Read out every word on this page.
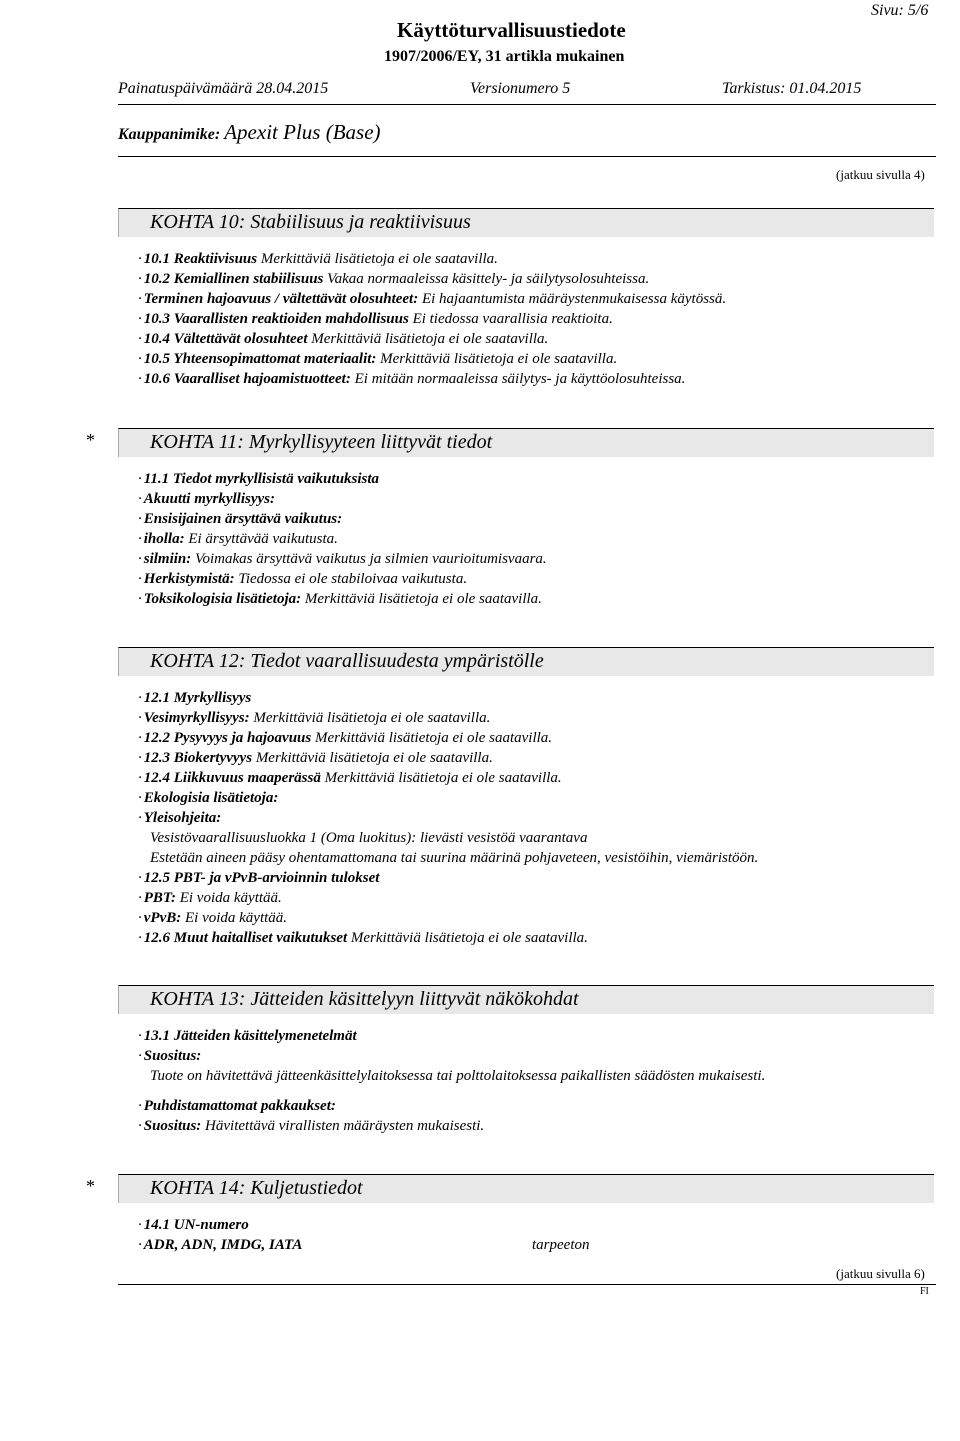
Sivu: 5/6
Käyttöturvallisuustiedote
1907/2006/EY, 31 artikla mukainen
Painatuspäivämäärä 28.04.2015	Versionumero 5	Tarkistus: 01.04.2015
Kauppanimike: Apexit Plus (Base)
(jatkuu sivulla 4)
KOHTA 10: Stabiilisuus ja reaktiivisuus
· 10.1 Reaktiivisuus Merkittäviä lisätietoja ei ole saatavilla.
· 10.2 Kemiallinen stabiilisuus Vakaa normaaleissa käsittely- ja säilytysolosuhteissa.
· Terminen hajoavuus / vältettävät olosuhteet: Ei hajaantumista määräystenmukaisessa käytössä.
· 10.3 Vaarallisten reaktioiden mahdollisuus Ei tiedossa vaarallisia reaktioita.
· 10.4 Vältettävät olosuhteet Merkittäviä lisätietoja ei ole saatavilla.
· 10.5 Yhteensopimattomat materiaalit: Merkittäviä lisätietoja ei ole saatavilla.
· 10.6 Vaaralliset hajoamistuotteet: Ei mitään normaaleissa säilytys- ja käyttöolosuhteissa.
*	KOHTA 11: Myrkyllisyyteen liittyvät tiedot
· 11.1 Tiedot myrkyllisistä vaikutuksista
· Akuutti myrkyllisyys:
· Ensisijainen ärsyttävä vaikutus:
· iholla: Ei ärsyttävää vaikutusta.
· silmiin: Voimakas ärsyttävä vaikutus ja silmien vaurioitumisvaara.
· Herkistymistä: Tiedossa ei ole stabiloivaa vaikutusta.
· Toksikologisia lisätietoja: Merkittäviä lisätietoja ei ole saatavilla.
KOHTA 12: Tiedot vaarallisuudesta ympäristölle
· 12.1 Myrkyllisyys
· Vesimyrkyllisyys: Merkittäviä lisätietoja ei ole saatavilla.
· 12.2 Pysyvyys ja hajoavuus Merkittäviä lisätietoja ei ole saatavilla.
· 12.3 Biokertyvyys Merkittäviä lisätietoja ei ole saatavilla.
· 12.4 Liikkuvuus maaperässä Merkittäviä lisätietoja ei ole saatavilla.
· Ekologisia lisätietoja:
· Yleisohjeita:
Vesistövaarallisuusluokka 1 (Oma luokitus): lievästi vesistöä vaarantava
Estetään aineen pääsy ohentamattomana tai suurina määrinä pohjaveteen, vesistöihin, viemäristöön.
· 12.5 PBT- ja vPvB-arvioinnin tulokset
· PBT: Ei voida käyttää.
· vPvB: Ei voida käyttää.
· 12.6 Muut haitalliset vaikutukset Merkittäviä lisätietoja ei ole saatavilla.
KOHTA 13: Jätteiden käsittelyyn liittyvät näkökohdat
· 13.1 Jätteiden käsittelymenetelmät
· Suositus:
Tuote on hävitettävä jätteenkäsittelylaitoksessa tai polttolaitoksessa paikallisten säädösten mukaisesti.
· Puhdistamattomat pakkaukset:
· Suositus: Hävitettävä virallisten määräysten mukaisesti.
*	KOHTA 14: Kuljetustiedot
· 14.1 UN-numero
· ADR, ADN, IMDG, IATA	tarpeeton
(jatkuu sivulla 6)
FI
